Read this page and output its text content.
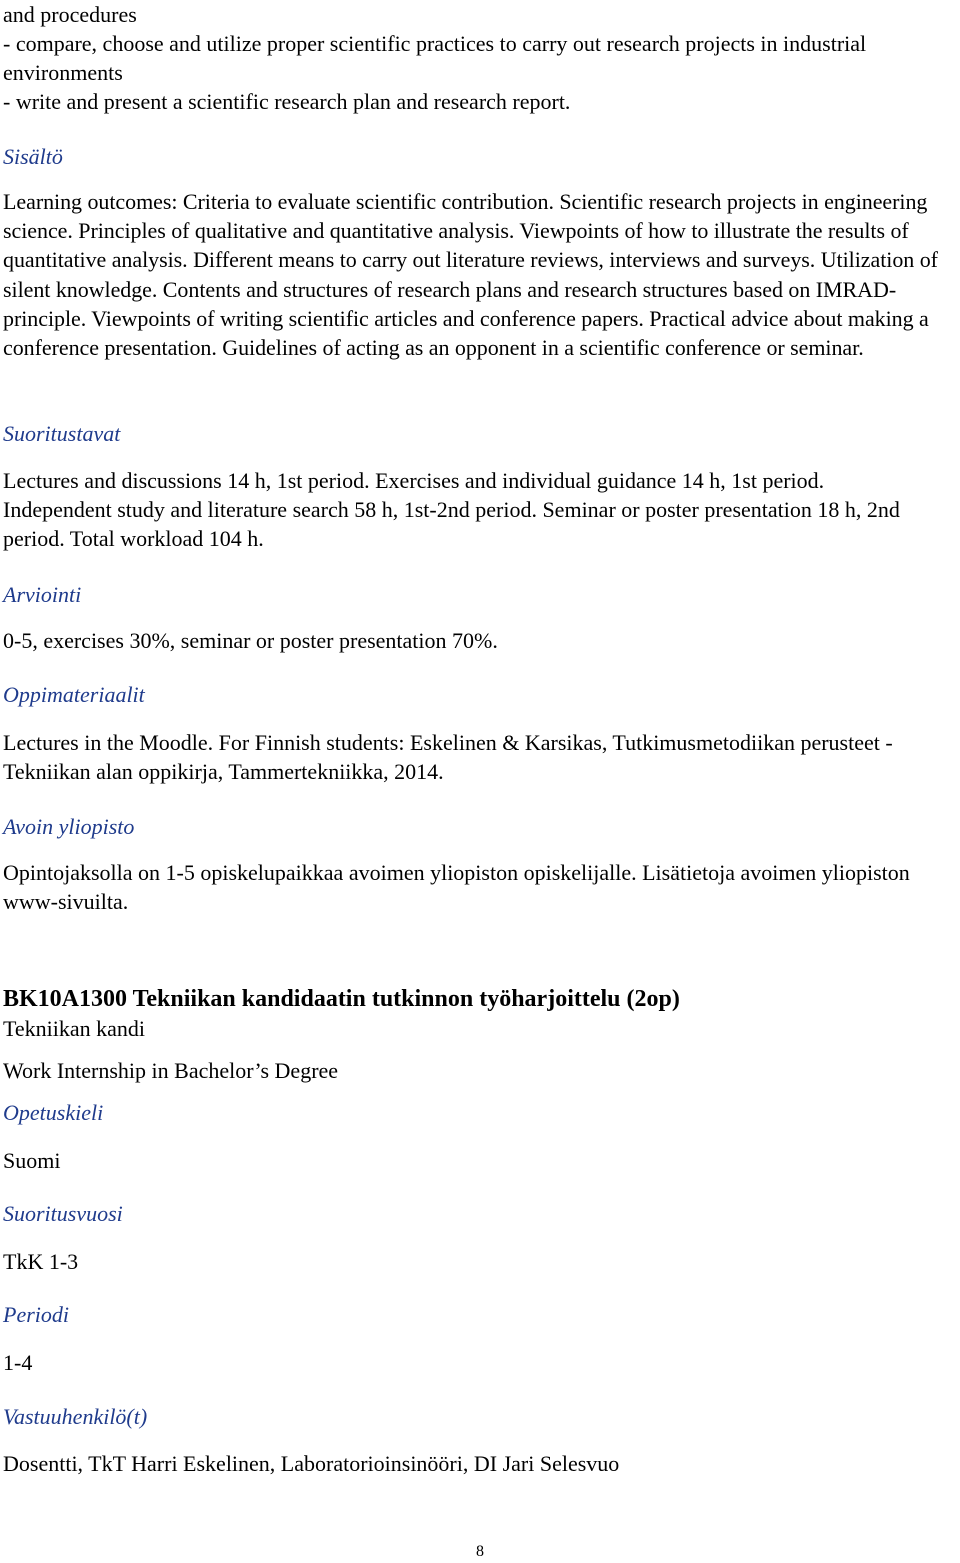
and procedures

- compare, choose and utilize proper scientific practices to carry out research projects in industrial environments

- write and present a scientific research plan and research report.

Sisältö

Learning outcomes: Criteria to evaluate scientific contribution. Scientific research projects in engineering science. Principles of qualitative and quantitative analysis. Viewpoints of how to illustrate the results of quantitative analysis. Different means to carry out literature reviews, interviews and surveys. Utilization of silent knowledge. Contents and structures of research plans and research structures based on IMRAD-principle. Viewpoints of writing scientific articles and conference papers. Practical advice about making a conference presentation. Guidelines of acting as an opponent in a scientific conference or seminar.

Suoritustavat

Lectures and discussions 14 h, 1st period. Exercises and individual guidance 14 h, 1st period. Independent study and literature search 58 h, 1st-2nd period. Seminar or poster presentation 18 h, 2nd period. Total workload 104 h.

Arviointi

0-5, exercises 30%, seminar or poster presentation 70%.

Oppimateriaalit

Lectures in the Moodle. For Finnish students: Eskelinen & Karsikas, Tutkimusmetodiikan perusteet - Tekniikan alan oppikirja, Tammertekniikka, 2014.

Avoin yliopisto

Opintojaksolla on 1-5 opiskelupaikkaa avoimen yliopiston opiskelijalle. Lisätietoja avoimen yliopiston www-sivuilta.

BK10A1300 Tekniikan kandidaatin tutkinnon työharjoittelu (2op)

Tekniikan kandi

Work Internship in Bachelor’s Degree

Opetuskieli

Suomi

Suoritusvuosi

TkK 1-3

Periodi

1-4

Vastuuhenkilö(t)

Dosentti, TkT Harri Eskelinen, Laboratorioinsinööri, DI Jari Selesvuo

8
